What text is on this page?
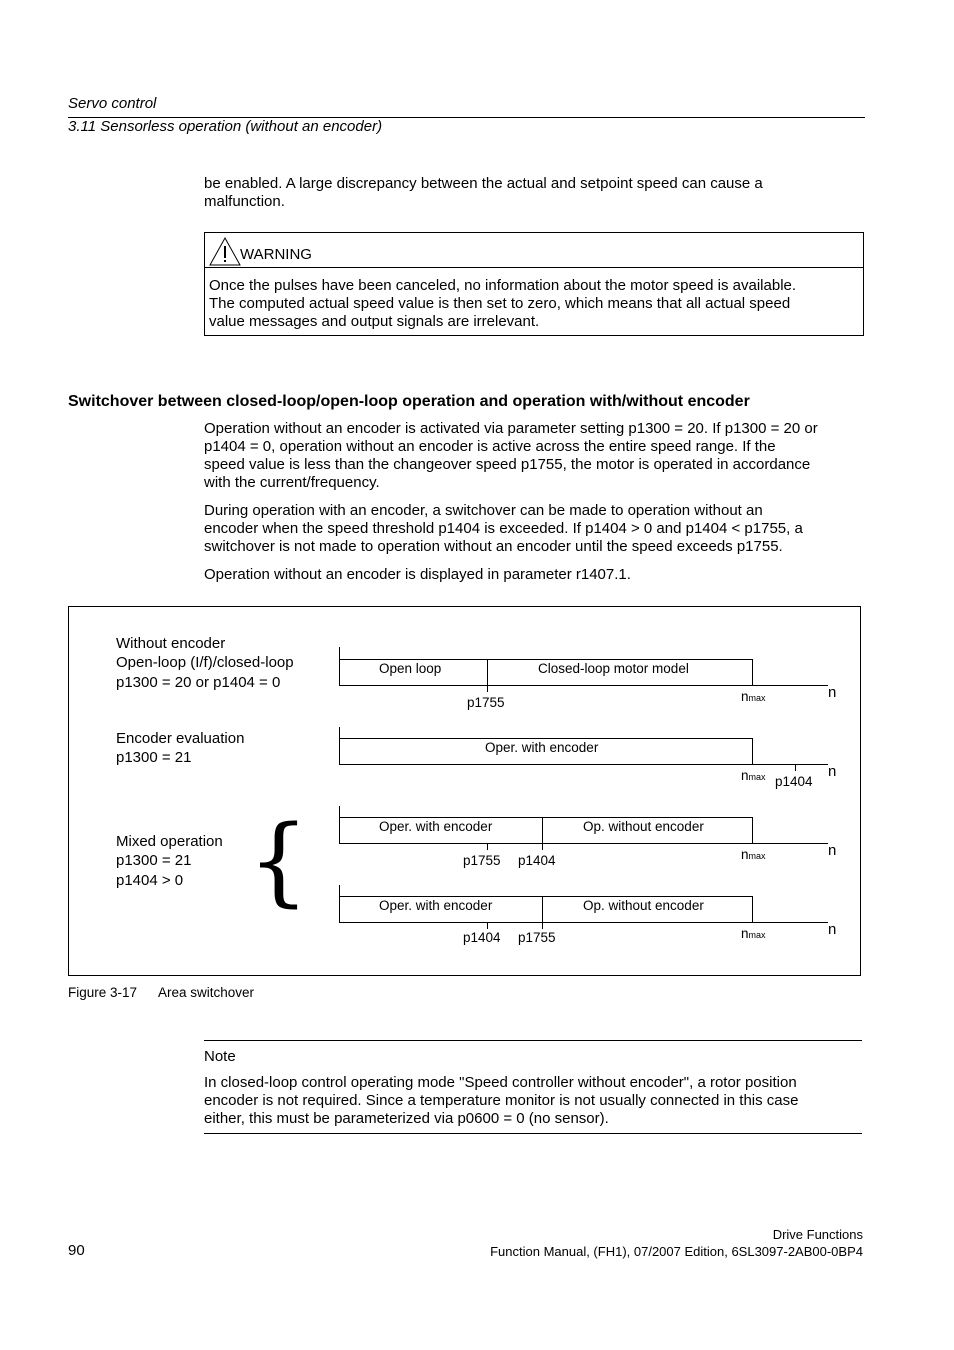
Servo control
3.11 Sensorless operation (without an encoder)
be enabled. A large discrepancy between the actual and setpoint speed can cause a
malfunction.
WARNING
Once the pulses have been canceled, no information about the motor speed is available.
The computed actual speed value is then set to zero, which means that all actual speed
value messages and output signals are irrelevant.
Switchover between closed-loop/open-loop operation and operation with/without encoder
Operation without an encoder is activated via parameter setting p1300 = 20. If p1300 = 20 or
p1404 = 0, operation without an encoder is active across the entire speed range. If the
speed value is less than the changeover speed p1755, the motor is operated in accordance
with the current/frequency.
During operation with an encoder, a switchover can be made to operation without an
encoder when the speed threshold p1404 is exceeded. If p1404 > 0 and p1404 < p1755, a
switchover is not made to operation without an encoder until the speed exceeds p1755.
Operation without an encoder is displayed in parameter r1407.1.
Without encoder
Open-loop (I/f)/closed-loop
p1300 = 20 or p1404 = 0
Open loop	Closed-loop motor model
p1755	nmax	n
Encoder evaluation
p1300 = 21
Oper. with encoder
nmax p1404
n
Mixed operation
p1300 = 21
p1404 > 0 {	Oper. with encoder	Op. without encoder
p1755 p1404	nmax	n
Oper. with encoder	Op. without encoder
p1404 p1755	nmax	n
Figure 3-17 Area switchover
Note
In closed-loop control operating mode "Speed controller without encoder", a rotor position
encoder is not required. Since a temperature monitor is not usually connected in this case
either, this must be parameterized via p0600 = 0 (no sensor).
90
Drive Functions
Function Manual, (FH1), 07/2007 Edition, 6SL3097-2AB00-0BP4
